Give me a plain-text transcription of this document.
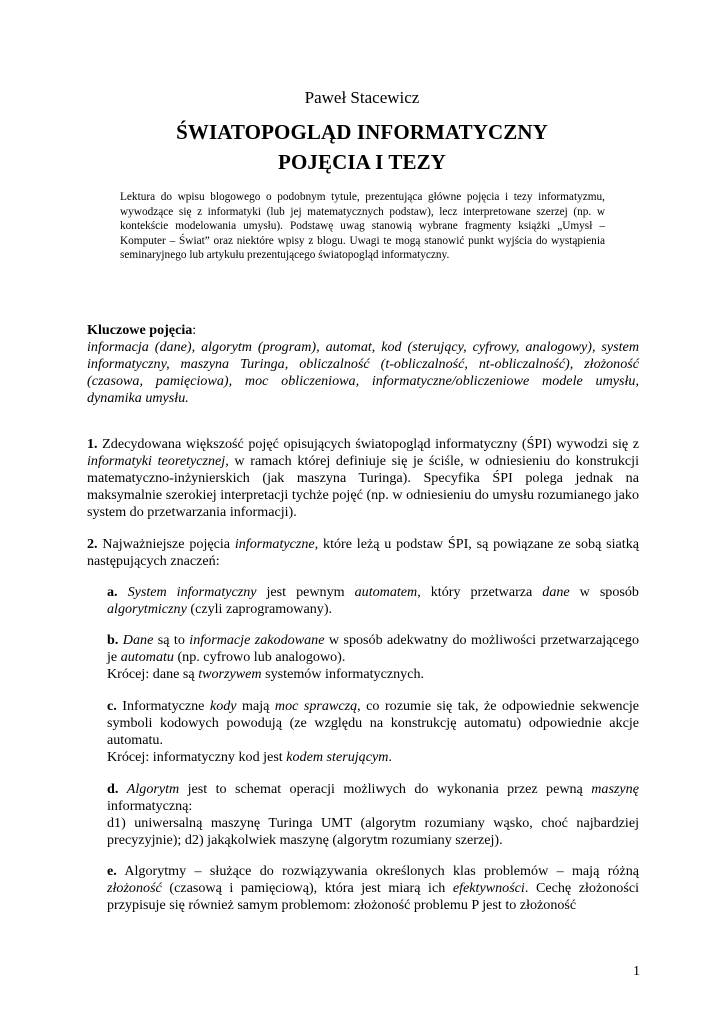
Paweł Stacewicz
ŚWIATOPOGLĄD INFORMATYCZNY
POJĘCIA I TEZY
Lektura do wpisu blogowego o podobnym tytule, prezentująca główne pojęcia i tezy informatyzmu, wywodzące się z informatyki (lub jej matematycznych podstaw), lecz interpretowane szerzej (np. w kontekście modelowania umysłu). Podstawę uwag stanowią wybrane fragmenty książki „Umysł – Komputer – Świat” oraz niektóre wpisy z blogu. Uwagi te mogą stanowić punkt wyjścia do wystąpienia seminaryjnego lub artykułu prezentującego światopogląd informatyczny.
Kluczowe pojęcia:
informacja (dane), algorytm (program), automat, kod (sterujący, cyfrowy, analogowy), system informatyczny, maszyna Turinga, obliczalność (t-obliczalność, nt-obliczalność), złożoność (czasowa, pamięciowa), moc obliczeniowa, informatyczne/obliczeniowe modele umysłu, dynamika umysłu.
1. Zdecydowana większość pojęć opisujących światopogląd informatyczny (ŚPI) wywodzi się z informatyki teoretycznej, w ramach której definiuje się je ściśle, w odniesieniu do konstrukcji matematyczno-inżynierskich (jak maszyna Turinga). Specyfika ŚPI polega jednak na maksymalnie szerokiej interpretacji tychże pojęć (np. w odniesieniu do umysłu rozumianego jako system do przetwarzania informacji).
2. Najważniejsze pojęcia informatyczne, które leżą u podstaw ŚPI, są powiązane ze sobą siatką następujących znaczeń:
a. System informatyczny jest pewnym automatem, który przetwarza dane w sposób algorytmiczny (czyli zaprogramowany).
b. Dane są to informacje zakodowane w sposób adekwatny do możliwości przetwarzającego je automatu (np. cyfrowo lub analogowo).
Krócej: dane są tworzywem systemów informatycznych.
c. Informatyczne kody mają moc sprawczą, co rozumie się tak, że odpowiednie sekwencje symboli kodowych powodują (ze względu na konstrukcję automatu) odpowiednie akcje automatu.
Krócej: informatyczny kod jest kodem sterującym.
d. Algorytm jest to schemat operacji możliwych do wykonania przez pewną maszynę informatyczną:
d1) uniwersalną maszynę Turinga UMT (algorytm rozumiany wąsko, choć najbardziej precyzyjnie); d2) jakąkolwiek maszynę (algorytm rozumiany szerzej).
e. Algorytmy – służące do rozwiązywania określonych klas problemów – mają różną złożoność (czasową i pamięciową), która jest miarą ich efektywności. Cechę złożoności przypisuje się również samym problemom: złożoność problemu P jest to złożoność
1
